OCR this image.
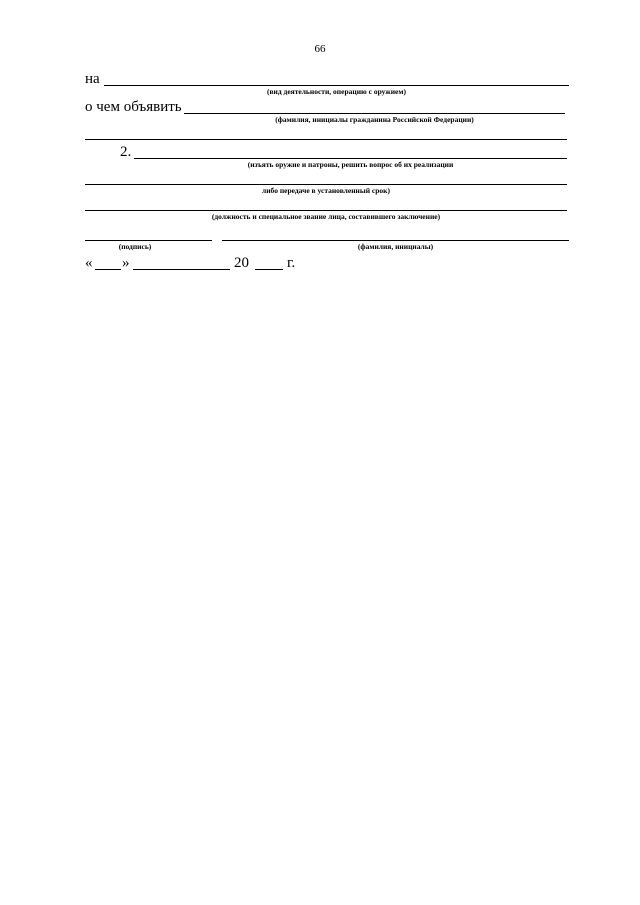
66
на
(вид деятельности, операцию с оружием)
о чем объявить
(фамилия, инициалы гражданина Российской Федерации)
2.
(изъять оружие и патроны, решить вопрос об их реализации
либо передаче в установленный срок)
(должность и специальное звание лица, составившего заключение)
(подпись)	(фамилия, инициалы)
« »	20	г.
